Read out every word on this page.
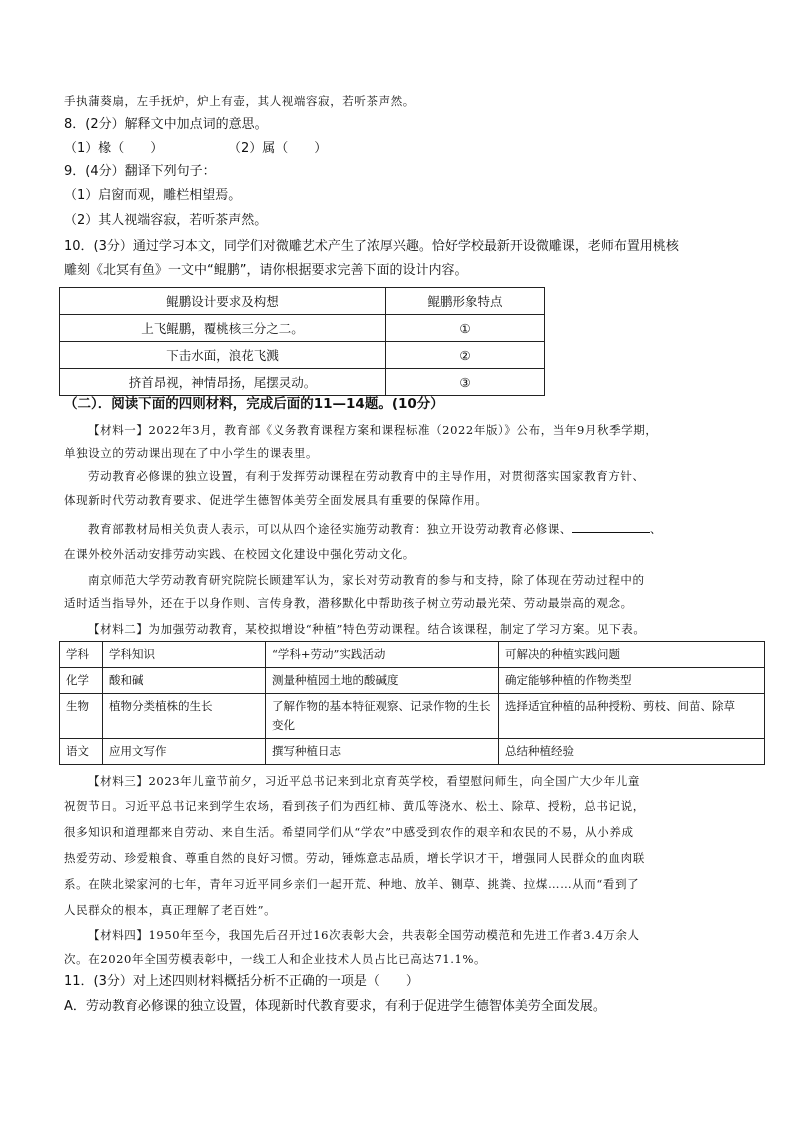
手执蒲葵扇，左手抚炉，炉上有壶，其人视端容寂，若听茶声然。
8．(2分）解释文中加点词的意思。
（1）椽（　　）	（2）属（　　）
9．(4分）翻译下列句子：
（1）启窗而观，雕栏相望焉。
（2）其人视端容寂，若听茶声然。
10．(3分）通过学习本文，同学们对微雕艺术产生了浓厚兴趣。恰好学校最新开设微雕课，老师布置用桃核
雕刻《北冥有鱼》一文中“鲲鹏”，请你根据要求完善下面的设计内容。
鲲鹏设计要求及构想	鲲鹏形象特点
上飞鲲鹏，覆桃核三分之二。	①
下击水面，浪花飞溅	②
挤首昂视，神情昂扬，尾摆灵动。	③
（二）．阅读下面的四则材料，完成后面的11—14题。(10分）
【材料一】2022年3月，教育部《义务教育课程方案和课程标准（2022年版）》公布，当年9月秋季学期，
单独设立的劳动课出现在了中小学生的课表里。
劳动教育必修课的独立设置，有利于发挥劳动课程在劳动教育中的主导作用，对贯彻落实国家教育方针、
体现新时代劳动教育要求、促进学生德智体美劳全面发展具有重要的保障作用。
教育部教材局相关负责人表示，可以从四个途径实施劳动教育：独立开设劳动教育必修课、	、
在课外校外活动安排劳动实践、在校园文化建设中强化劳动文化。
南京师范大学劳动教育研究院院长顾建军认为，家长对劳动教育的参与和支持，除了体现在劳动过程中的
适时适当指导外，还在于以身作则、言传身教，潜移默化中帮助孩子树立劳动最光荣、劳动最崇高的观念。
【材料二】为加强劳动教育，某校拟增设“种植”特色劳动课程。结合该课程，制定了学习方案。见下表。
学科	学科知识	“学科+劳动”实践活动	可解决的种植实践问题
化学	酸和碱	测量种植园土地的酸碱度	确定能够种植的作物类型
生物	植物分类植株的生长	了解作物的基本特征观察、记录作物的生长变化	选择适宜种植的品种授粉、剪枝、间苗、除草
语文	应用文写作	撰写种植日志	总结种植经验
【材料三】2023年儿童节前夕，习近平总书记来到北京育英学校，看望慰问师生，向全国广大少年儿童
祝贺节日。习近平总书记来到学生农场，看到孩子们为西红柿、黄瓜等浇水、松土、除草、授粉，总书记说，
很多知识和道理都来自劳动、来自生活。希望同学们从“学农”中感受到农作的艰辛和农民的不易，从小养成
热爱劳动、珍爱粮食、尊重自然的良好习惯。劳动，锤炼意志品质，增长学识才干，增强同人民群众的血肉联
系。在陕北梁家河的七年，青年习近平同乡亲们一起开荒、种地、放羊、铡草、挑粪、拉煤……从而“看到了
人民群众的根本，真正理解了老百姓”。
【材料四】1950年至今，我国先后召开过16次表彰大会，共表彰全国劳动模范和先进工作者3.4万余人
次。在2020年全国劳模表彰中，一线工人和企业技术人员占比已高达71.1%。
11．(3分）对上述四则材料概括分析不正确的一项是（　　）
A．劳动教育必修课的独立设置，体现新时代教育要求，有利于促进学生德智体美劳全面发展。
